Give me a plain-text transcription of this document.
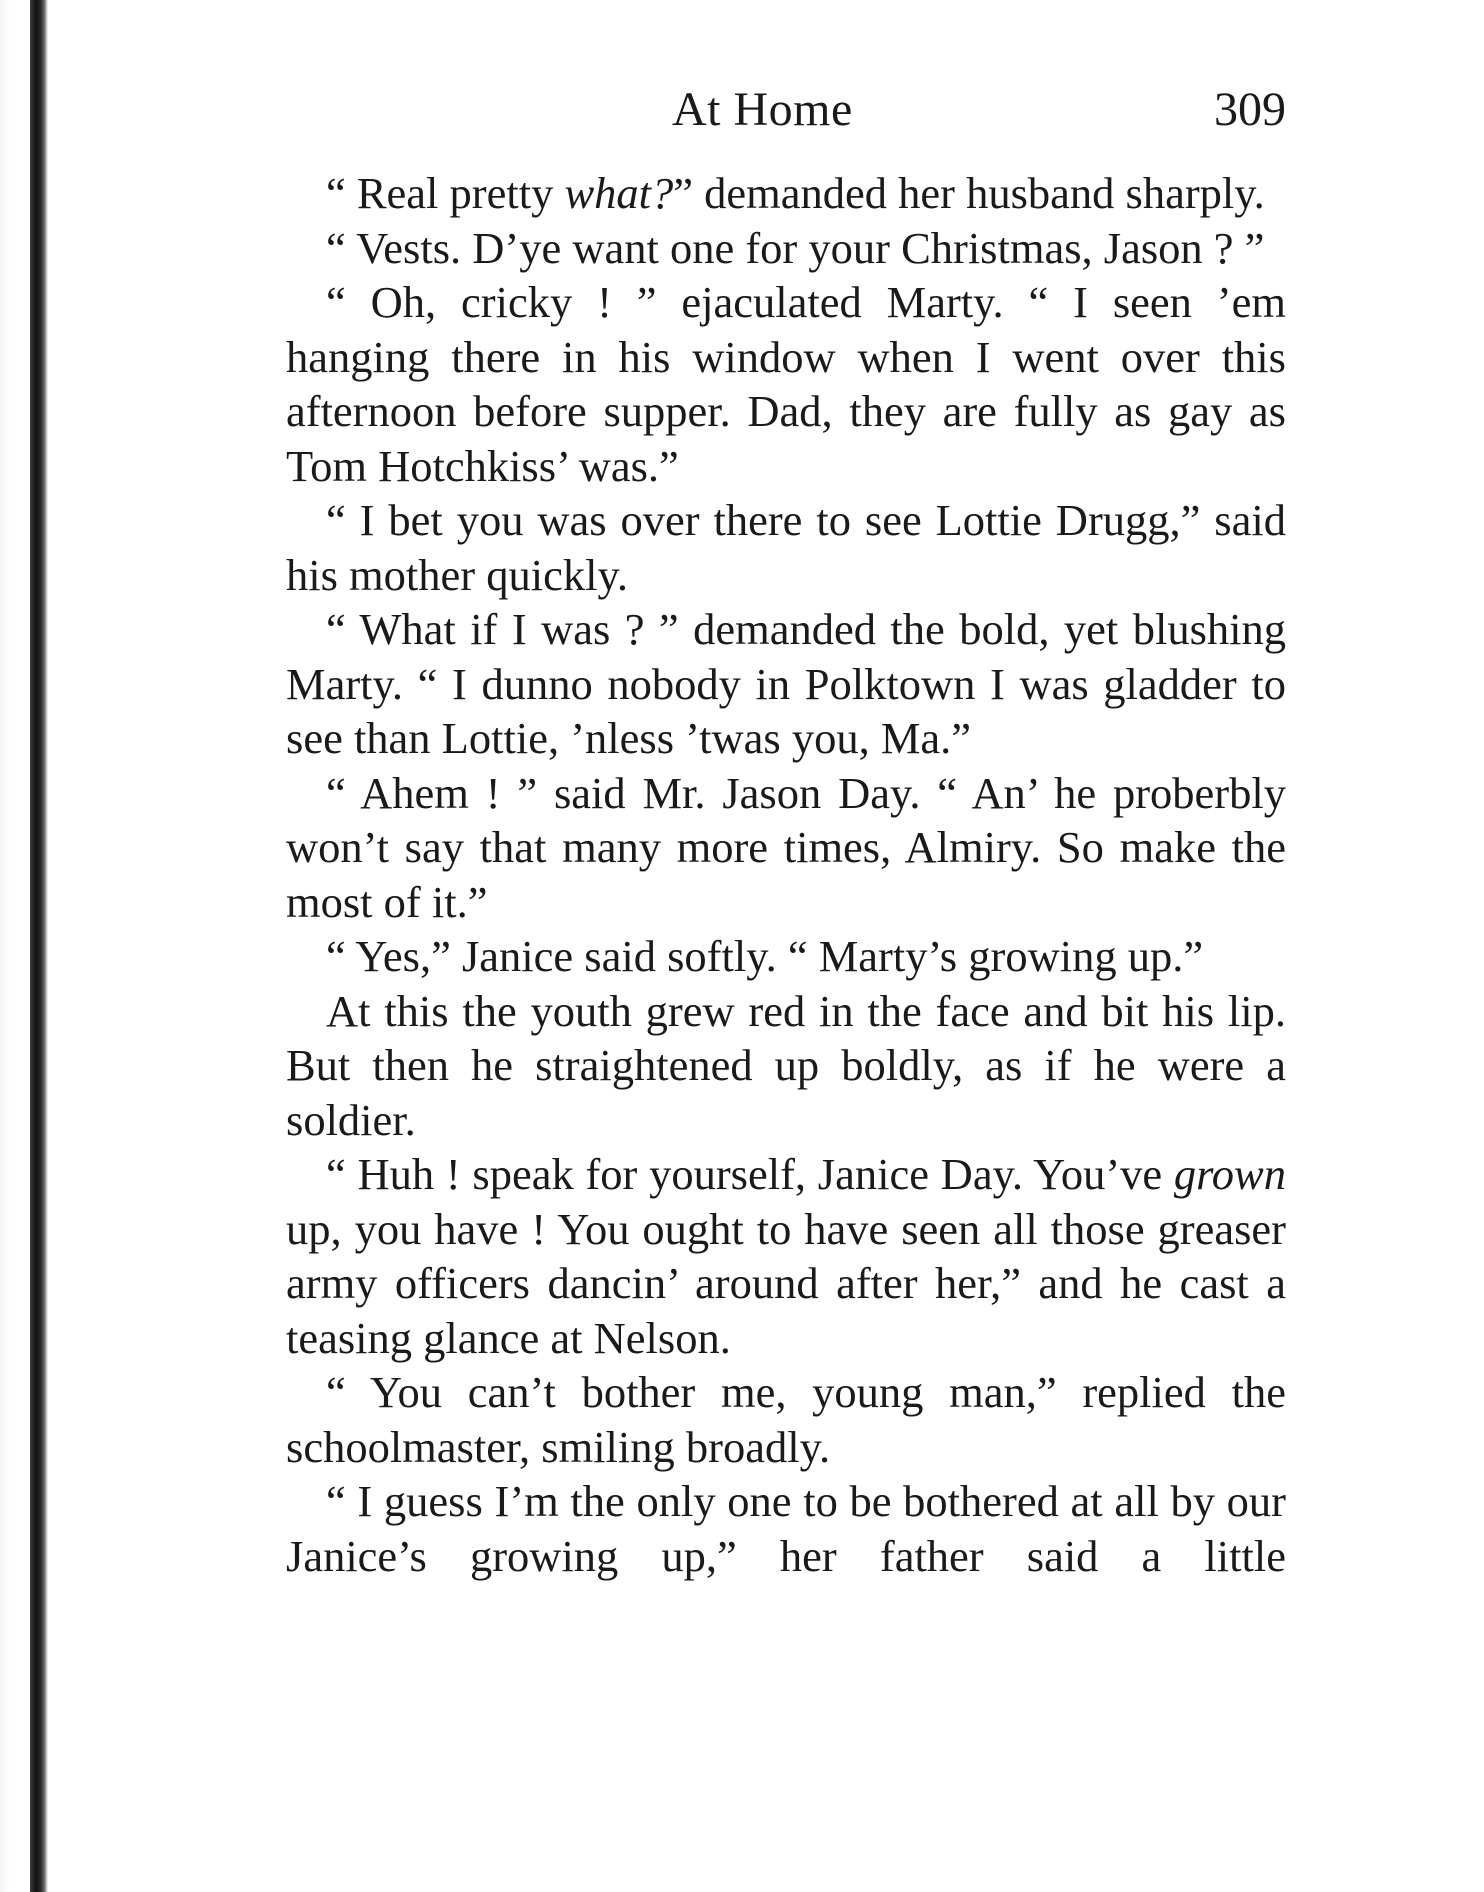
At Home	309

“ Real pretty what?” demanded her husband sharply.

“ Vests. D’ye want one for your Christmas, Jason ? ”

“ Oh, cricky ! ” ejaculated Marty. “ I seen ’em hanging there in his window when I went over this afternoon before supper. Dad, they are fully as gay as Tom Hotchkiss’ was.”

“ I bet you was over there to see Lottie Drugg,” said his mother quickly.

“ What if I was ? ” demanded the bold, yet blushing Marty. “ I dunno nobody in Polktown I was gladder to see than Lottie, ’nless ’twas you, Ma.”

“ Ahem ! ” said Mr. Jason Day. “ An’ he proberbly won’t say that many more times, Almiry. So make the most of it.”

“ Yes,” Janice said softly. “ Marty’s growing up.”

At this the youth grew red in the face and bit his lip. But then he straightened up boldly, as if he were a soldier.

“ Huh ! speak for yourself, Janice Day. You’ve grown up, you have ! You ought to have seen all those greaser army officers dancin’ around after her,” and he cast a teasing glance at Nelson.

“ You can’t bother me, young man,” replied the schoolmaster, smiling broadly.

“ I guess I’m the only one to be bothered at all by our Janice’s growing up,” her father said a little
